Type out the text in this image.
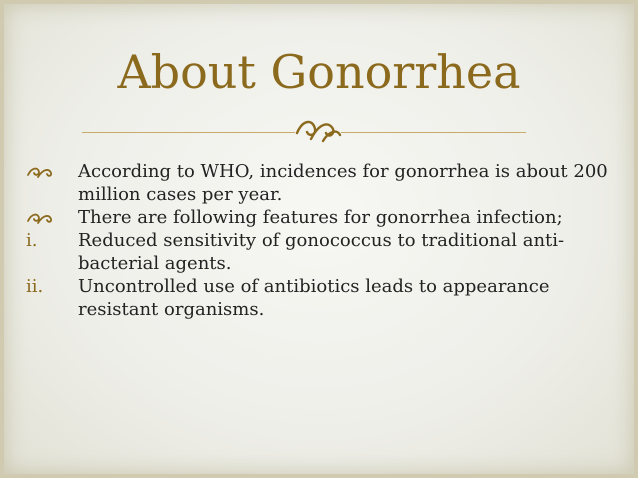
About Gonorrhea
According to WHO, incidences for gonorrhea is about 200 million cases per year.
There are following features for gonorrhea infection;
i.	Reduced sensitivity of gonococcus to traditional anti-bacterial agents.
ii.	Uncontrolled use of antibiotics leads to appearance resistant organisms.
